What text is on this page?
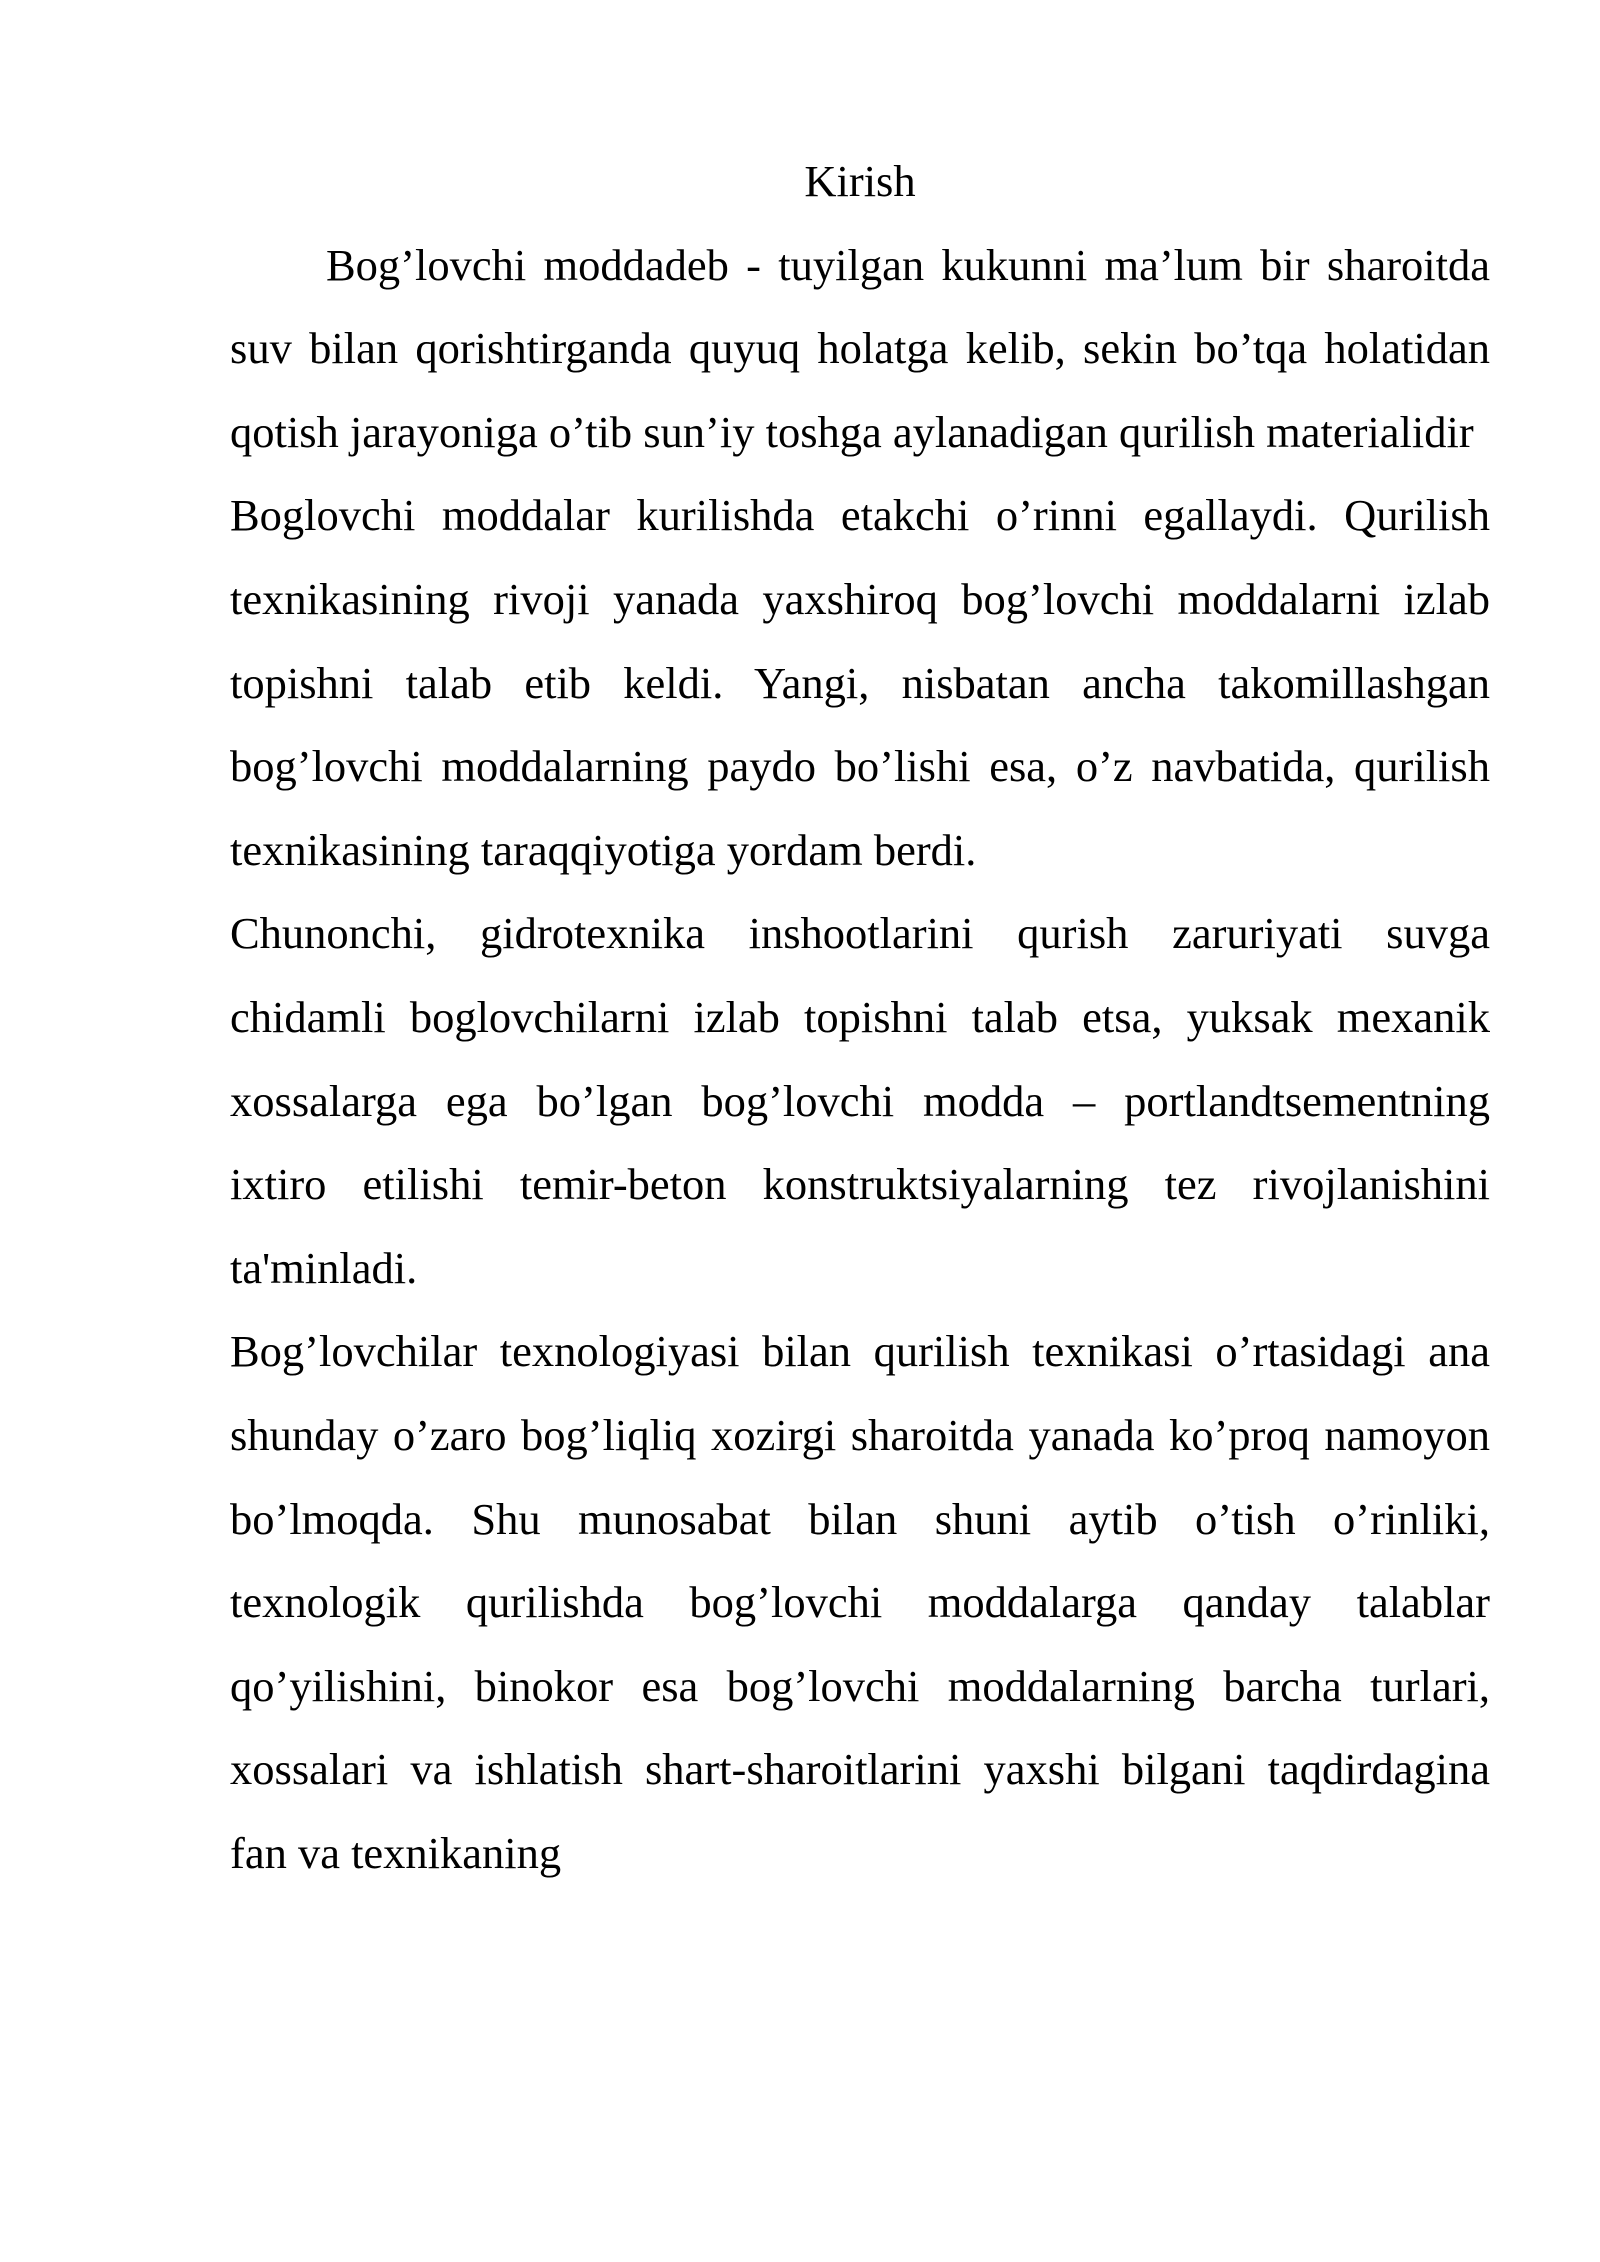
Kirish

Bog’lovchi moddadeb - tuyilgan kukunni ma’lum bir sharoitda suv bilan qorishtirganda quyuq holatga kelib, sekin bo’tqa holatidan qotish jarayoniga o’tib sun’iy toshga aylanadigan qurilish materialidir

Boglovchi moddalar kurilishda etakchi o’rinni egallaydi. Qurilish texnikasining rivoji yanada yaxshiroq bog’lovchi moddalarni izlab topishni talab etib keldi. Yangi, nisbatan ancha takomillashgan bog’lovchi moddalarning paydo bo’lishi esa, o’z navbatida, qurilish texnikasining taraqqiyotiga yordam berdi.

Chunonchi, gidrotexnika inshootlarini qurish zaruriyati suvga chidamli boglovchilarni izlab topishni talab etsa, yuksak mexanik xossalarga ega bo’lgan bog’lovchi modda – portlandtsementning ixtiro etilishi temir-beton konstruktsiyalarning tez rivojlanishini ta'minladi.

Bog’lovchilar texnologiyasi bilan qurilish texnikasi o’rtasidagi ana shunday o’zaro bog’liqliq xozirgi sharoitda yanada ko’proq namoyon bo’lmoqda. Shu munosabat bilan shuni aytib o’tish o’rinliki, texnologik qurilishda bog’lovchi moddalarga qanday talablar qo’yilishini, binokor esa bog’lovchi moddalarning barcha turlari, xossalari va ishlatish shart-sharoitlarini yaxshi bilgani taqdirdagina fan va texnikaning
